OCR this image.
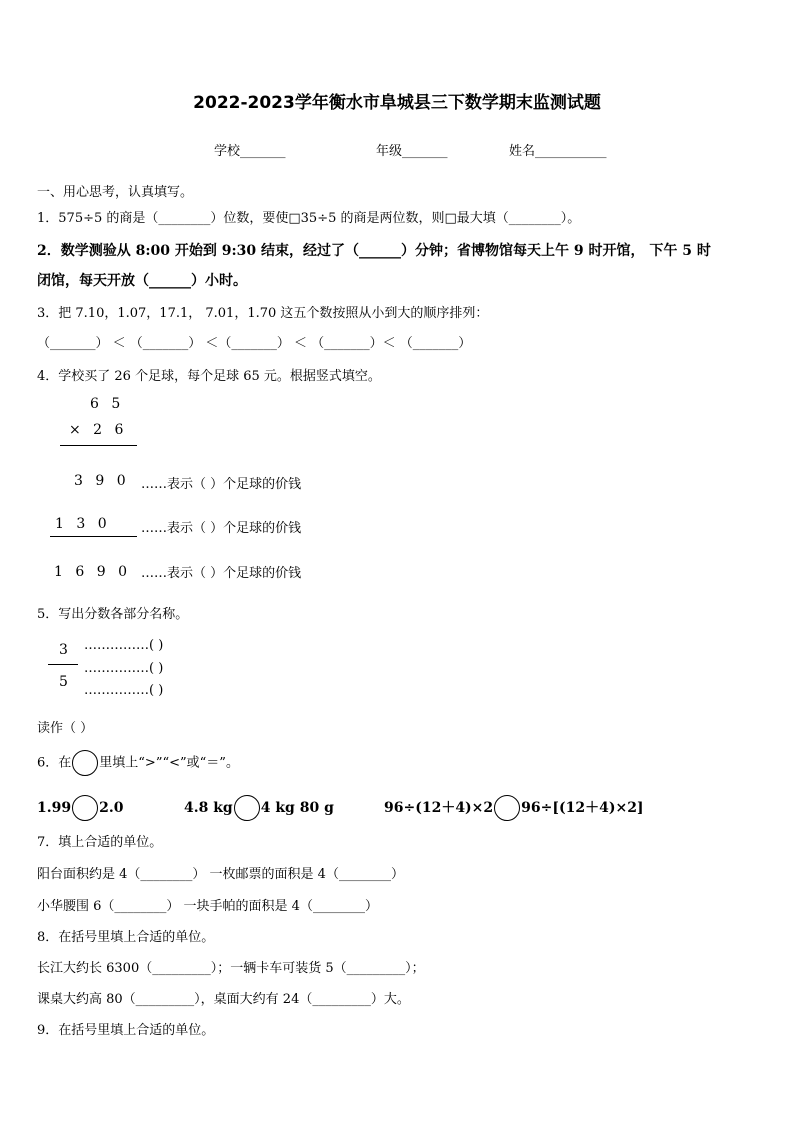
2022-2023学年衡水市阜城县三下数学期末监测试题
学校_______	年级_______	姓名___________
一、用心思考，认真填写。
1．575÷5 的商是（________）位数，要使□35÷5 的商是两位数，则□最大填（________）。
2．数学测验从 8:00 开始到 9:30 结束，经过了（______）分钟；省博物馆每天上午 9 时开馆， 下午 5 时
闭馆，每天开放（______）小时。
3．把 7.10，1.07，17.1， 7.01，1.70 这五个数按照从小到大的顺序排列：
（_______） ＜ （_______） ＜（_______） ＜ （_______）＜ （_______）
4．学校买了 26 个足球，每个足球 65 元。根据竖式填空。
6 5
× 2 6
3 9 0 ……表示（ ）个足球的价钱
1 3 0 ……表示（ ）个足球的价钱
1 6 9 0 ……表示（ ）个足球的价钱
5．写出分数各部分名称。
3
5
……………( )
……………( )
……………( )
读作（ ）
6．在 里填上“>”“<”或“＝”。
1.99 2.0	4.8 kg 4 kg 80 g	96÷(12＋4)×2 96÷[(12＋4)×2]
7．填上合适的单位。
阳台面积约是 4（________） 一枚邮票的面积是 4（________）
小华腰围 6（________） 一块手帕的面积是 4（________）
8．在括号里填上合适的单位。
长江大约长 6300（_________）；一辆卡车可装货 5（_________）；
课桌大约高 80（_________），桌面大约有 24（_________）大。
9．在括号里填上合适的单位。
